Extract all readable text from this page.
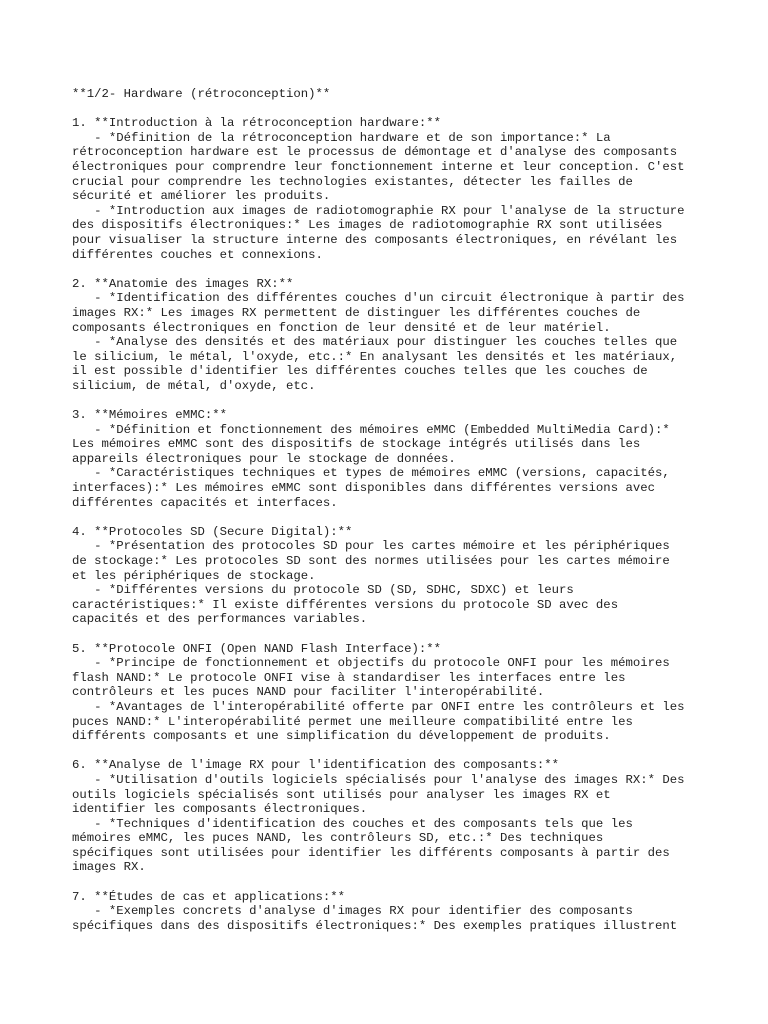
**1/2- Hardware (rétroconception)**
1. **Introduction à la rétroconception hardware:**
- *Définition de la rétroconception hardware et de son importance:* La
rétroconception hardware est le processus de démontage et d'analyse des composants
électroniques pour comprendre leur fonctionnement interne et leur conception. C'est
crucial pour comprendre les technologies existantes, détecter les failles de
sécurité et améliorer les produits.
- *Introduction aux images de radiotomographie RX pour l'analyse de la structure
des dispositifs électroniques:* Les images de radiotomographie RX sont utilisées
pour visualiser la structure interne des composants électroniques, en révélant les
différentes couches et connexions.
2. **Anatomie des images RX:**
- *Identification des différentes couches d'un circuit électronique à partir des
images RX:* Les images RX permettent de distinguer les différentes couches de
composants électroniques en fonction de leur densité et de leur matériel.
- *Analyse des densités et des matériaux pour distinguer les couches telles que
le silicium, le métal, l'oxyde, etc.:* En analysant les densités et les matériaux,
il est possible d'identifier les différentes couches telles que les couches de
silicium, de métal, d'oxyde, etc.
3. **Mémoires eMMC:**
- *Définition et fonctionnement des mémoires eMMC (Embedded MultiMedia Card):*
Les mémoires eMMC sont des dispositifs de stockage intégrés utilisés dans les
appareils électroniques pour le stockage de données.
- *Caractéristiques techniques et types de mémoires eMMC (versions, capacités,
interfaces):* Les mémoires eMMC sont disponibles dans différentes versions avec
différentes capacités et interfaces.
4. **Protocoles SD (Secure Digital):**
- *Présentation des protocoles SD pour les cartes mémoire et les périphériques
de stockage:* Les protocoles SD sont des normes utilisées pour les cartes mémoire
et les périphériques de stockage.
- *Différentes versions du protocole SD (SD, SDHC, SDXC) et leurs
caractéristiques:* Il existe différentes versions du protocole SD avec des
capacités et des performances variables.
5. **Protocole ONFI (Open NAND Flash Interface):**
- *Principe de fonctionnement et objectifs du protocole ONFI pour les mémoires
flash NAND:* Le protocole ONFI vise à standardiser les interfaces entre les
contrôleurs et les puces NAND pour faciliter l'interopérabilité.
- *Avantages de l'interopérabilité offerte par ONFI entre les contrôleurs et les
puces NAND:* L'interopérabilité permet une meilleure compatibilité entre les
différents composants et une simplification du développement de produits.
6. **Analyse de l'image RX pour l'identification des composants:**
- *Utilisation d'outils logiciels spécialisés pour l'analyse des images RX:* Des
outils logiciels spécialisés sont utilisés pour analyser les images RX et
identifier les composants électroniques.
- *Techniques d'identification des couches et des composants tels que les
mémoires eMMC, les puces NAND, les contrôleurs SD, etc.:* Des techniques
spécifiques sont utilisées pour identifier les différents composants à partir des
images RX.
7. **Études de cas et applications:**
- *Exemples concrets d'analyse d'images RX pour identifier des composants
spécifiques dans des dispositifs électroniques:* Des exemples pratiques illustrent
